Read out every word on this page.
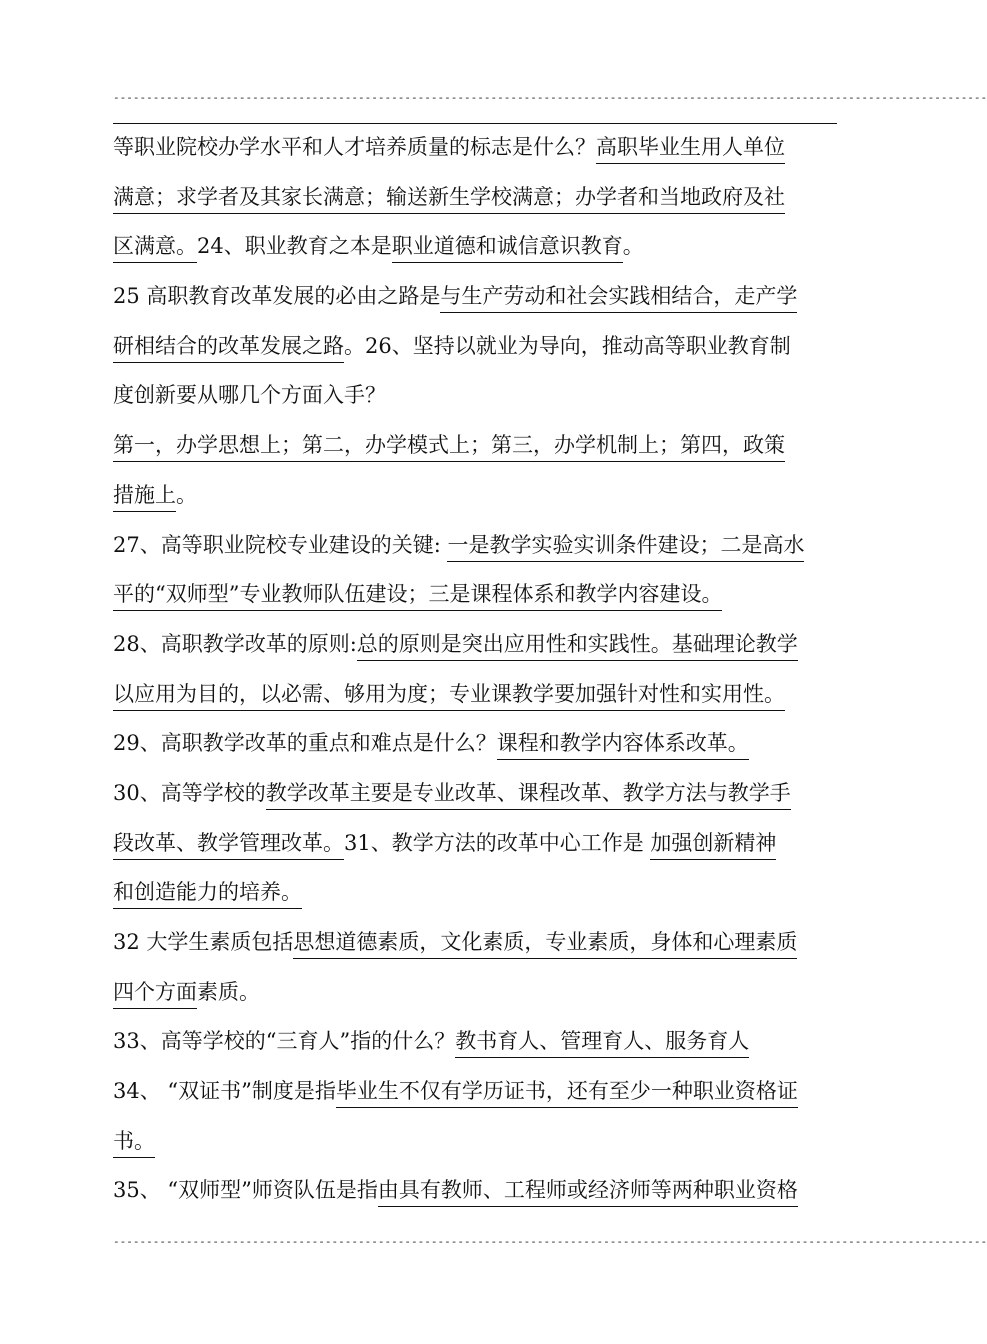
------------------------------------------------------------------------------------------------------------------------------------
等职业院校办学水平和人才培养质量的标志是什么？高职毕业生用人单位
满意；求学者及其家长满意；输送新生学校满意；办学者和当地政府及社
区满意。24、职业教育之本是职业道德和诚信意识教育。
25 高职教育改革发展的必由之路是与生产劳动和社会实践相结合，走产学
研相结合的改革发展之路。26、坚持以就业为导向，推动高等职业教育制
度创新要从哪几个方面入手？
第一，办学思想上；第二，办学模式上；第三，办学机制上；第四，政策
措施上。
27、高等职业院校专业建设的关键: 一是教学实验实训条件建设；二是高水
平的“双师型”专业教师队伍建设；三是课程体系和教学内容建设。
28、高职教学改革的原则:总的原则是突出应用性和实践性。基础理论教学
以应用为目的，以必需、够用为度；专业课教学要加强针对性和实用性。
29、高职教学改革的重点和难点是什么？课程和教学内容体系改革。
30、高等学校的教学改革主要是专业改革、课程改革、教学方法与教学手
段改革、教学管理改革。31、教学方法的改革中心工作是 加强创新精神
和创造能力的培养。
32 大学生素质包括思想道德素质，文化素质，专业素质，身体和心理素质
四个方面素质。
33、高等学校的“三育人”指的什么？教书育人、管理育人、服务育人
34、 “双证书”制度是指毕业生不仅有学历证书，还有至少一种职业资格证
书。
35、 “双师型”师资队伍是指由具有教师、工程师或经济师等两种职业资格
------------------------------------------------------------------------------------------------------------------------------------
